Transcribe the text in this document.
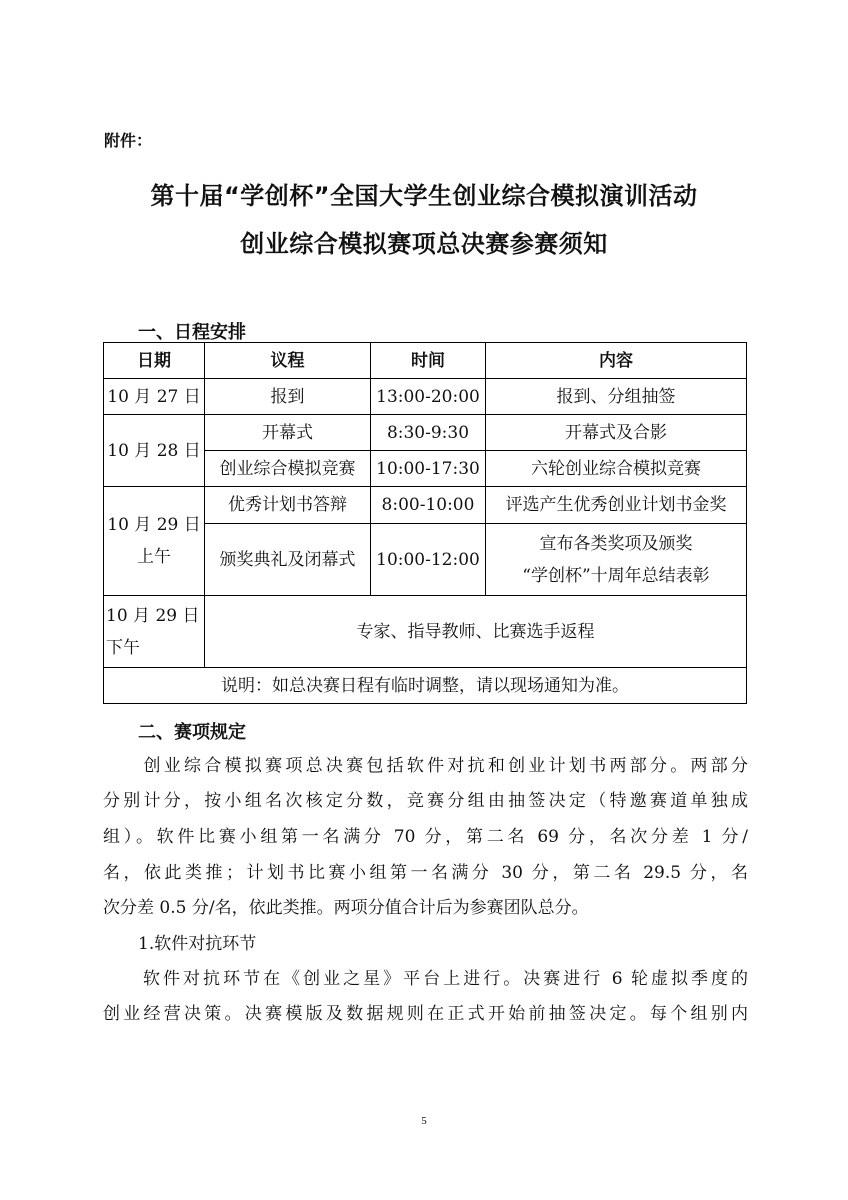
附件：
第十届“学创杯”全国大学生创业综合模拟演训活动
创业综合模拟赛项总决赛参赛须知
一、日程安排
日期	议程	时间	内容
10 月 27 日	报到	13:00-20:00	报到、分组抽签
10 月 28 日	开幕式	8:30-9:30	开幕式及合影
	创业综合模拟竞赛	10:00-17:30	六轮创业综合模拟竞赛

10 月 29 日
上午	优秀计划书答辩	8:00-10:00	评选产生优秀创业计划书金奖
	颁奖典礼及闭幕式	10:00-12:00	宣布各类奖项及颁奖
“学创杯”十周年总结表彰

10 月 29 日
下午	专家、指导教师、比赛选手返程		
说明：如总决赛日程有临时调整，请以现场通知为准。			
二、赛项规定
　　创业综合模拟赛项总决赛包括软件对抗和创业计划书两部分。两部分
分别计分，按小组名次核定分数，竞赛分组由抽签决定（特邀赛道单独成
组）。软件比赛小组第一名满分 70 分，第二名 69 分，名次分差 1 分/
名，依此类推；计划书比赛小组第一名满分 30 分，第二名 29.5 分，名
次分差 0.5 分/名，依此类推。两项分值合计后为参赛团队总分。
1.软件对抗环节
　　软件对抗环节在《创业之星》平台上进行。决赛进行 6 轮虚拟季度的
创业经营决策。决赛模版及数据规则在正式开始前抽签决定。每个组别内
5
